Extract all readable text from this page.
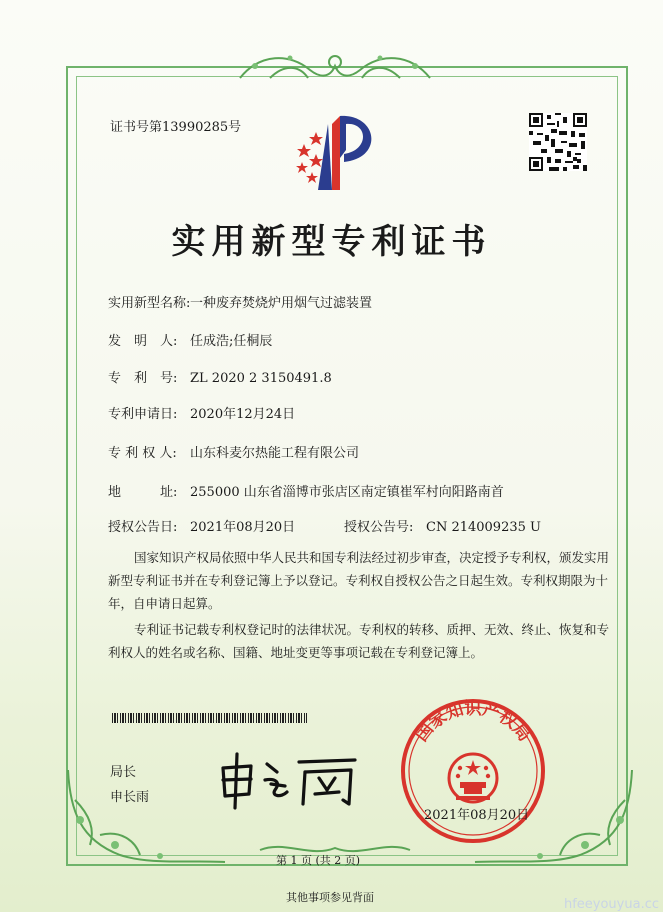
证书号第13990285号
实用新型专利证书
实用新型名称: 一种废弃焚烧炉用烟气过滤装置
发　明　人: 任成浩;任桐辰
专　利　号: ZL 2020 2 3150491.8
专利申请日: 2020年12月24日
专 利 权 人: 山东科麦尔热能工程有限公司
地　　　址: 255000 山东省淄博市张店区南定镇崔军村向阳路南首
授权公告日: 2021年08月20日	授权公告号: CN 214009235 U
国家知识产权局依照中华人民共和国专利法经过初步审查，决定授予专利权，颁发实用新型专利证书并在专利登记簿上予以登记。专利权自授权公告之日起生效。专利权期限为十年，自申请日起算。
专利证书记载专利权登记时的法律状况。专利权的转移、质押、无效、终止、恢复和专利权人的姓名或名称、国籍、地址变更等事项记载在专利登记簿上。
局长
申长雨
国家知识产权局
2021年08月20日
第 1 页 (共 2 页)
其他事项参见背面	hfeeyouyua.cc
